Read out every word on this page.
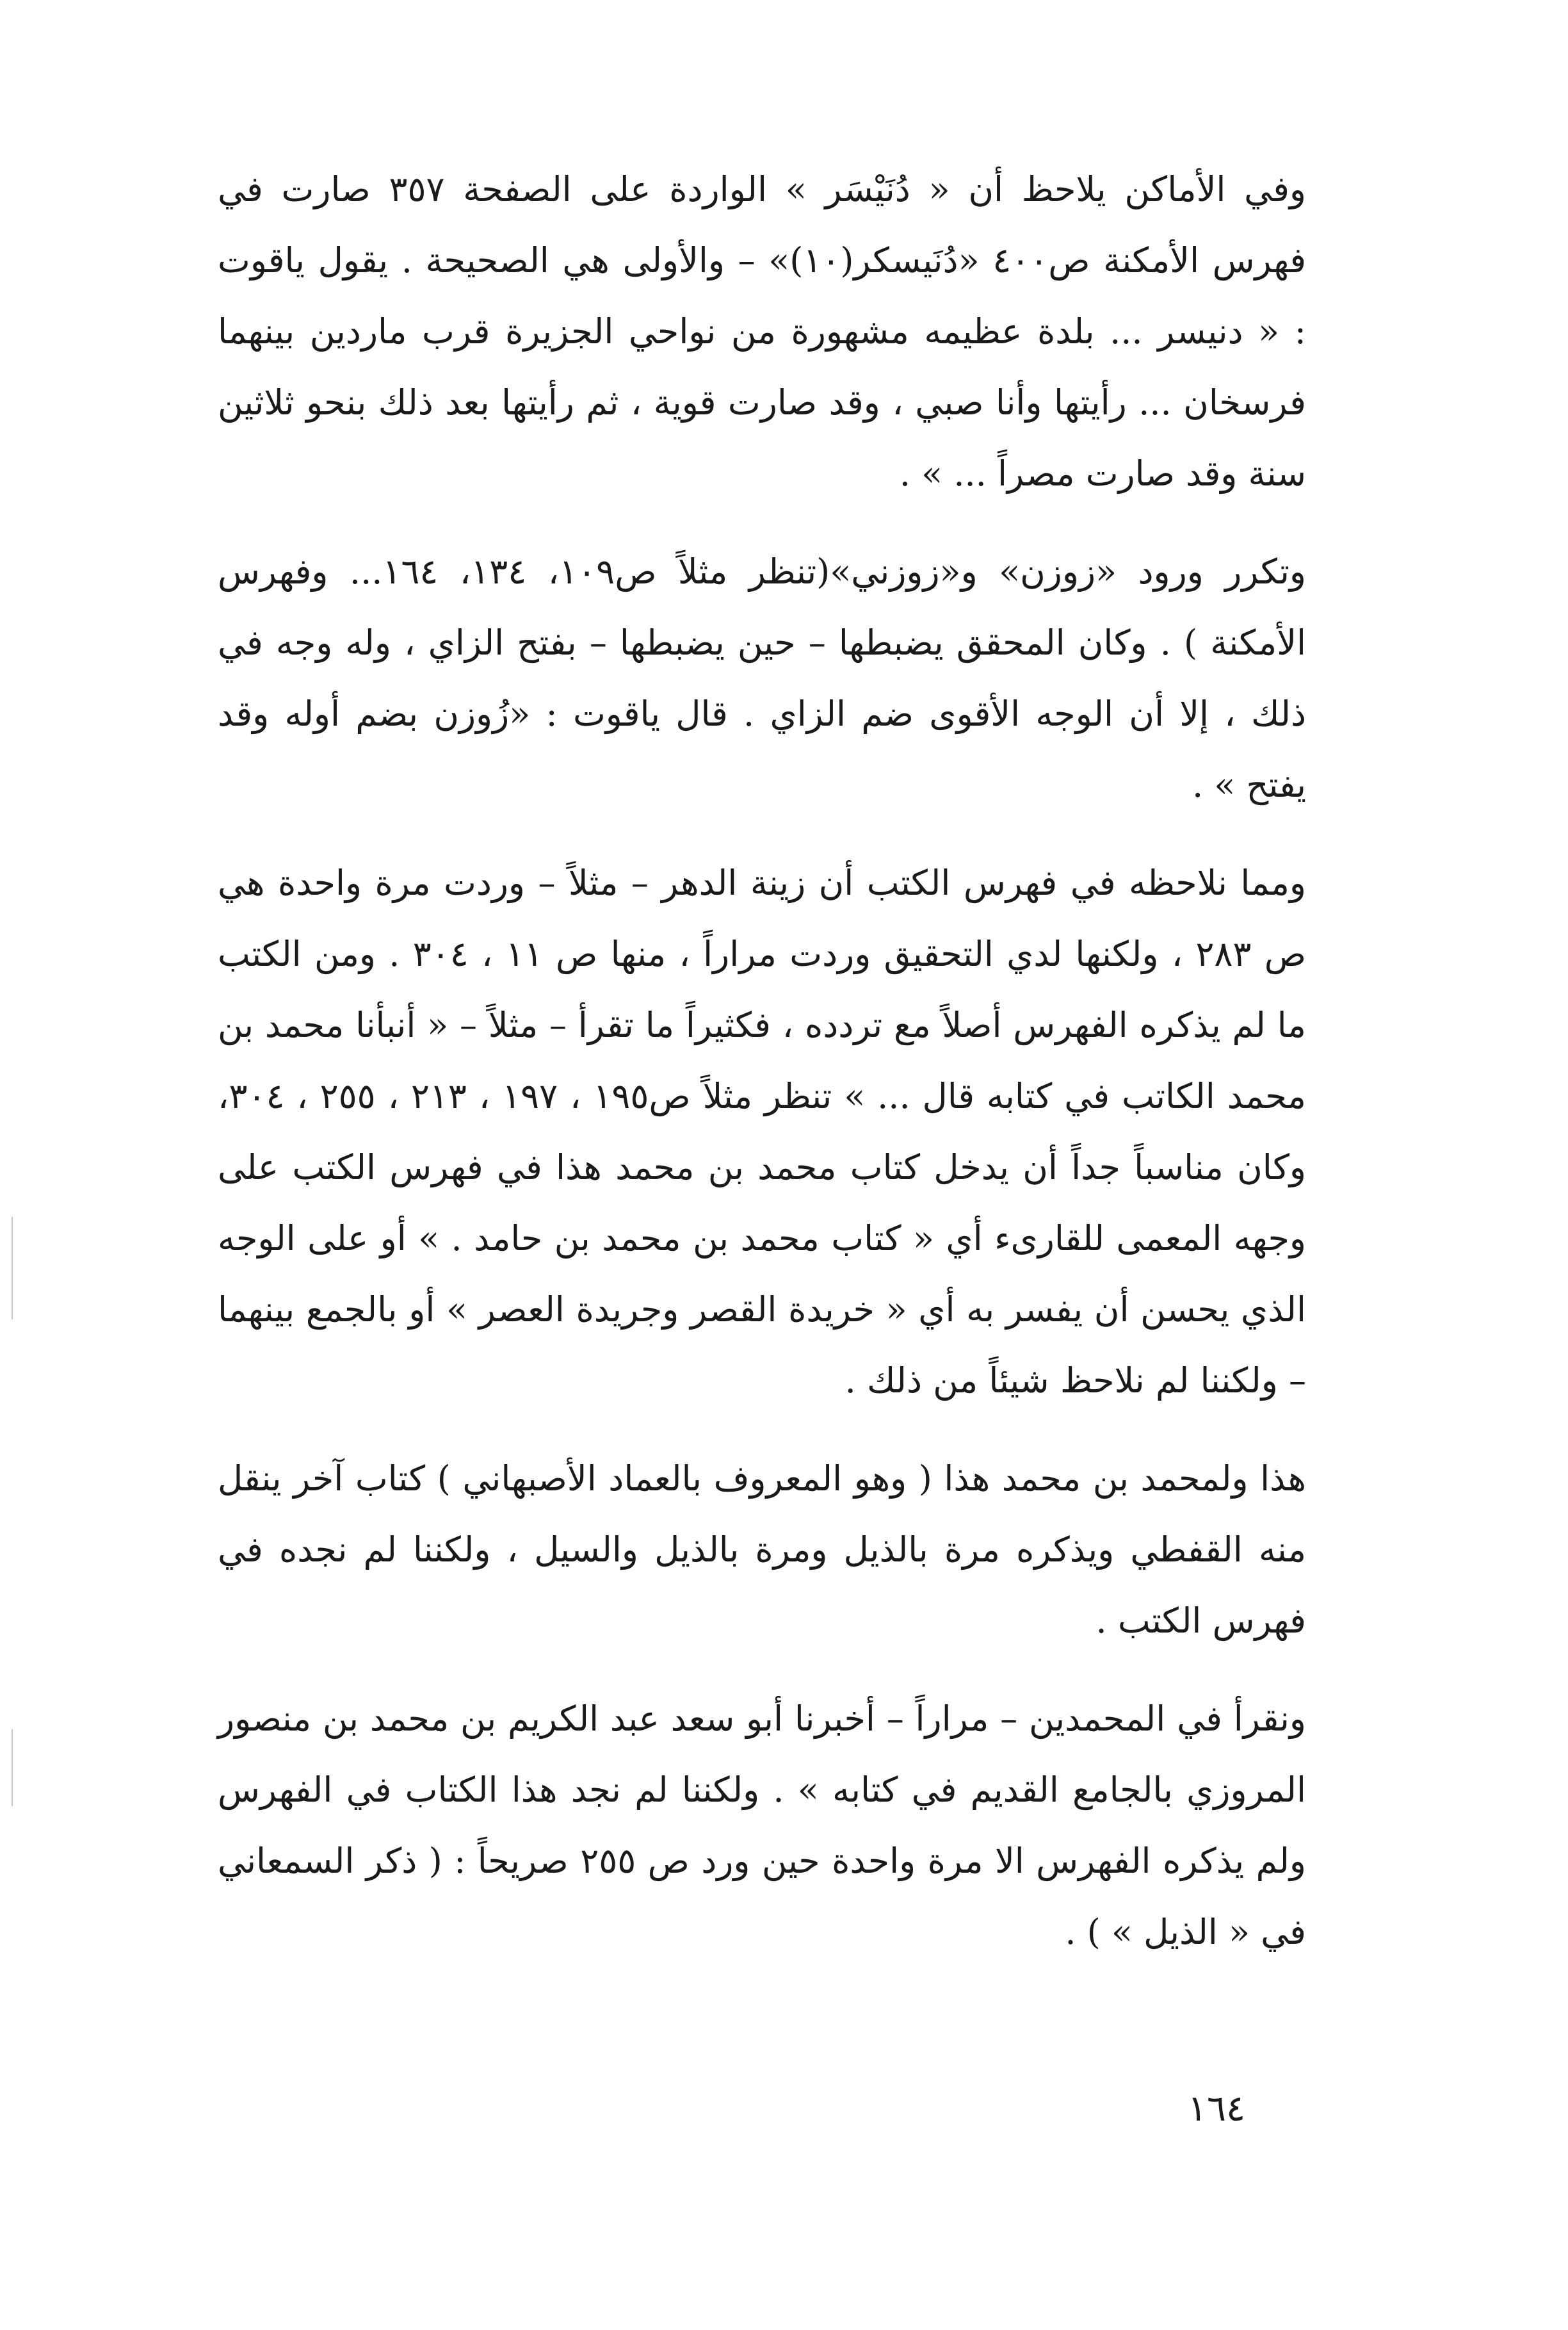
وفي الأماكن يلاحظ أن « دُنَيْسَر » الواردة على الصفحة ٣٥٧ صارت في فهرس الأمكنة ص٤٠٠ «دُنَيسكر(١٠)» – والأولى هي الصحيحة . يقول ياقوت : « دنيسر ... بلدة عظيمه مشهورة من نواحي الجزيرة قرب ماردين بينهما فرسخان ... رأيتها وأنا صبي ، وقد صارت قوية ، ثم رأيتها بعد ذلك بنحو ثلاثين سنة وقد صارت مصراً ... » .

وتكرر ورود «زوزن» و«زوزني»(تنظر مثلاً ص١٠٩، ١٣٤، ١٦٤... وفهرس الأمكنة ) . وكان المحقق يضبطها – حين يضبطها – بفتح الزاي ، وله وجه في ذلك ، إلا أن الوجه الأقوى ضم الزاي . قال ياقوت : «زُوزن بضم أوله وقد يفتح » .

ومما نلاحظه في فهرس الكتب أن زينة الدهر – مثلاً – وردت مرة واحدة هي ص ٢٨٣ ، ولكنها لدي التحقيق وردت مراراً ، منها ص ١١ ، ٣٠٤ . ومن الكتب ما لم يذكره الفهرس أصلاً مع تردده ، فكثيراً ما تقرأ – مثلاً – « أنبأنا محمد بن محمد الكاتب في كتابه قال ... » تنظر مثلاً ص١٩٥ ، ١٩٧ ، ٢١٣ ، ٢٥٥ ، ٣٠٤، وكان مناسباً جداً أن يدخل كتاب محمد بن محمد هذا في فهرس الكتب على وجهه المعمى للقارىء أي « كتاب محمد بن محمد بن حامد . » أو على الوجه الذي يحسن أن يفسر به أي « خريدة القصر وجريدة العصر » أو بالجمع بينهما – ولكننا لم نلاحظ شيئاً من ذلك .

هذا ولمحمد بن محمد هذا ( وهو المعروف بالعماد الأصبهاني ) كتاب آخر ينقل منه القفطي ويذكره مرة بالذيل ومرة بالذيل والسيل ، ولكننا لم نجده في فهرس الكتب .

ونقرأ في المحمدين – مراراً – أخبرنا أبو سعد عبد الكريم بن محمد بن منصور المروزي بالجامع القديم في كتابه » . ولكننا لم نجد هذا الكتاب في الفهرس ولم يذكره الفهرس الا مرة واحدة حين ورد ص ٢٥٥ صريحاً : ( ذكر السمعاني في « الذيل » ) .

١٦٤
